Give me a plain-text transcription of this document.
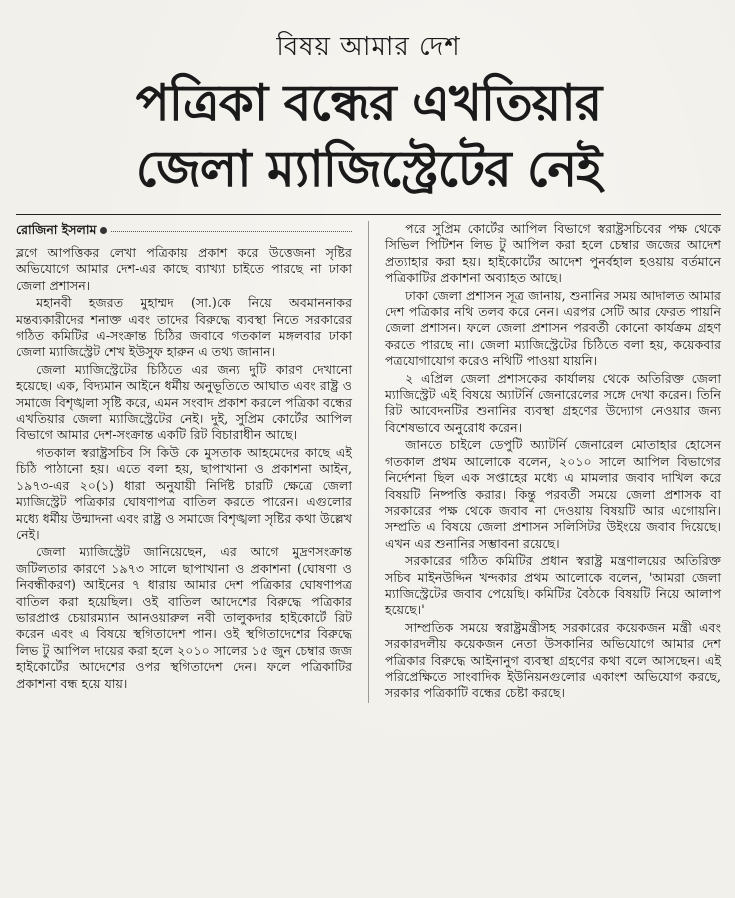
বিষয় আমার দেশ
পত্রিকা বন্ধের এখতিয়ার
জেলা ম্যাজিস্ট্রেটের নেই
রোজিনা ইসলাম

ব্লগে আপত্তিকর লেখা পত্রিকায় প্রকাশ করে উত্তেজনা সৃষ্টির অভিযোগে আমার দেশ-এর কাছে ব্যাখ্যা চাইতে পারছে না ঢাকা জেলা প্রশাসন।

মহানবী হজরত মুহাম্মদ (সা.)কে নিয়ে অবমাননাকর মন্তব্যকারীদের শনাক্ত এবং তাদের বিরুদ্ধে ব্যবস্থা নিতে সরকারের গঠিত কমিটির এ-সংক্রান্ত চিঠির জবাবে গতকাল মঙ্গলবার ঢাকা জেলা ম্যাজিস্ট্রেট শেখ ইউসুফ হারুন এ তথ্য জানান।

জেলা ম্যাজিস্ট্রেটের চিঠিতে এর জন্য দুটি কারণ দেখানো হয়েছে। এক, বিদ্যমান আইনে ধর্মীয় অনুভূতিতে আঘাত এবং রাষ্ট্র ও সমাজে বিশৃঙ্খলা সৃষ্টি করে, এমন সংবাদ প্রকাশ করলে পত্রিকা বন্ধের এখতিয়ার জেলা ম্যাজিস্ট্রেটের নেই। দুই, সুপ্রিম কোর্টের আপিল বিভাগে আমার দেশ-সংক্রান্ত একটি রিট বিচারাধীন আছে।

গতকাল স্বরাষ্ট্রসচিব সি কিউ কে মুসতাক আহমেদের কাছে এই চিঠি পাঠানো হয়। এতে বলা হয়, ছাপাখানা ও প্রকাশনা আইন, ১৯৭৩-এর ২০(১) ধারা অনুযায়ী নির্দিষ্ট চারটি ক্ষেত্রে জেলা ম্যাজিস্ট্রেট পত্রিকার ঘোষণাপত্র বাতিল করতে পারেন। এগুলোর মধ্যে ধর্মীয় উন্মাদনা এবং রাষ্ট্র ও সমাজে বিশৃঙ্খলা সৃষ্টির কথা উল্লেখ নেই।

জেলা ম্যাজিস্ট্রেট জানিয়েছেন, এর আগে মুদ্রণসংক্রান্ত জটিলতার কারণে ১৯৭৩ সালে ছাপাখানা ও প্রকাশনা (ঘোষণা ও নিবন্ধীকরণ) আইনের ৭ ধারায় আমার দেশ পত্রিকার ঘোষণাপত্র বাতিল করা হয়েছিল। ওই বাতিল আদেশের বিরুদ্ধে পত্রিকার ভারপ্রাপ্ত চেয়ারম্যান আনওয়ারুল নবী তালুকদার হাইকোর্টে রিট করেন এবং এ বিষয়ে স্থগিতাদেশ পান। ওই স্থগিতাদেশের বিরুদ্ধে লিভ টু আপিল দায়ের করা হলে ২০১০ সালের ১৫ জুন চেম্বার জজ হাইকোর্টের আদেশের ওপর স্থগিতাদেশ দেন। ফলে পত্রিকাটির প্রকাশনা বন্ধ হয়ে যায়।

পরে সুপ্রিম কোর্টের আপিল বিভাগে স্বরাষ্ট্রসচিবের পক্ষ থেকে সিভিল পিটিশন লিভ টু আপিল করা হলে চেম্বার জজের আদেশ প্রত্যাহার করা হয়। হাইকোর্টের আদেশ পুনর্বহাল হওয়ায় বর্তমানে পত্রিকাটির প্রকাশনা অব্যাহত আছে।

ঢাকা জেলা প্রশাসন সূত্র জানায়, শুনানির সময় আদালত আমার দেশ পত্রিকার নথি তলব করে নেন। এরপর সেটি আর ফেরত পায়নি জেলা প্রশাসন। ফলে জেলা প্রশাসন পরবর্তী কোনো কার্যক্রম গ্রহণ করতে পারছে না। জেলা ম্যাজিস্ট্রেটের চিঠিতে বলা হয়, কয়েকবার পত্রযোগাযোগ করেও নথিটি পাওয়া যায়নি।

২ এপ্রিল জেলা প্রশাসকের কার্যালয় থেকে অতিরিক্ত জেলা ম্যাজিস্ট্রেট এই বিষয়ে অ্যাটর্নি জেনারেলের সঙ্গে দেখা করেন। তিনি রিট আবেদনটির শুনানির ব্যবস্থা গ্রহণের উদ্যোগ নেওয়ার জন্য বিশেষভাবে অনুরোধ করেন।

জানতে চাইলে ডেপুটি অ্যাটর্নি জেনারেল মোতাহার হোসেন গতকাল প্রথম আলোকে বলেন, ২০১০ সালে আপিল বিভাগের নির্দেশনা ছিল এক সপ্তাহের মধ্যে এ মামলার জবাব দাখিল করে বিষয়টি নিষ্পত্তি করার। কিন্তু পরবর্তী সময়ে জেলা প্রশাসক বা সরকারের পক্ষ থেকে জবাব না দেওয়ায় বিষয়টি আর এগোয়নি। সম্প্রতি এ বিষয়ে জেলা প্রশাসন সলিসিটর উইংয়ে জবাব দিয়েছে। এখন এর শুনানির সম্ভাবনা রয়েছে।

সরকারের গঠিত কমিটির প্রধান স্বরাষ্ট্র মন্ত্রণালয়ের অতিরিক্ত সচিব মাইনউদ্দিন খন্দকার প্রথম আলোকে বলেন, 'আমরা জেলা ম্যাজিস্ট্রেটের জবাব পেয়েছি। কমিটির বৈঠকে বিষয়টি নিয়ে আলাপ হয়েছে।'

সাম্প্রতিক সময়ে স্বরাষ্ট্রমন্ত্রীসহ সরকারের কয়েকজন মন্ত্রী এবং সরকারদলীয় কয়েকজন নেতা উসকানির অভিযোগে আমার দেশ পত্রিকার বিরুদ্ধে আইনানুগ ব্যবস্থা গ্রহণের কথা বলে আসছেন। এই পরিপ্রেক্ষিতে সাংবাদিক ইউনিয়নগুলোর একাংশ অভিযোগ করছে, সরকার পত্রিকাটি বন্ধের চেষ্টা করছে।
